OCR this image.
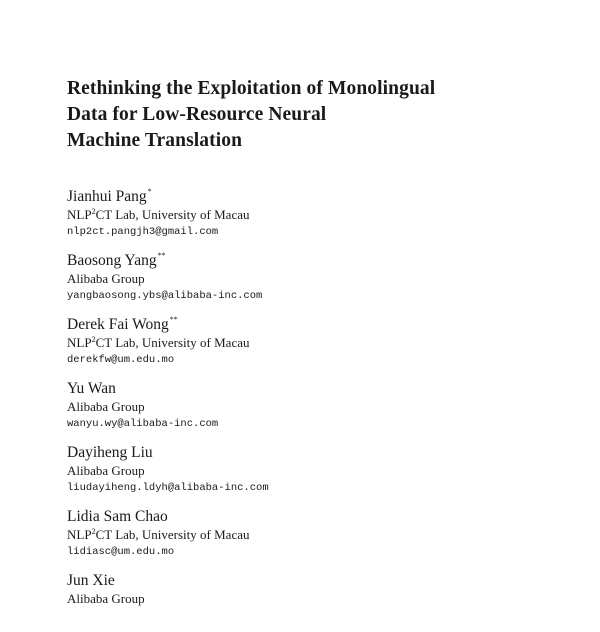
Rethinking the Exploitation of Monolingual
Data for Low-Resource Neural
Machine Translation
Jianhui Pang*
NLP$^2$CT Lab, University of Macau
nlp2ct.pangjh3@gmail.com
Baosong Yang**
Alibaba Group
yangbaosong.ybs@alibaba-inc.com
Derek Fai Wong**
NLP$^2$CT Lab, University of Macau
derekfw@um.edu.mo
Yu Wan
Alibaba Group
wanyu.wy@alibaba-inc.com
Dayiheng Liu
Alibaba Group
liudayiheng.ldyh@alibaba-inc.com
Lidia Sam Chao
NLP$^2$CT Lab, University of Macau
lidiasc@um.edu.mo
Jun Xie
Alibaba Group
